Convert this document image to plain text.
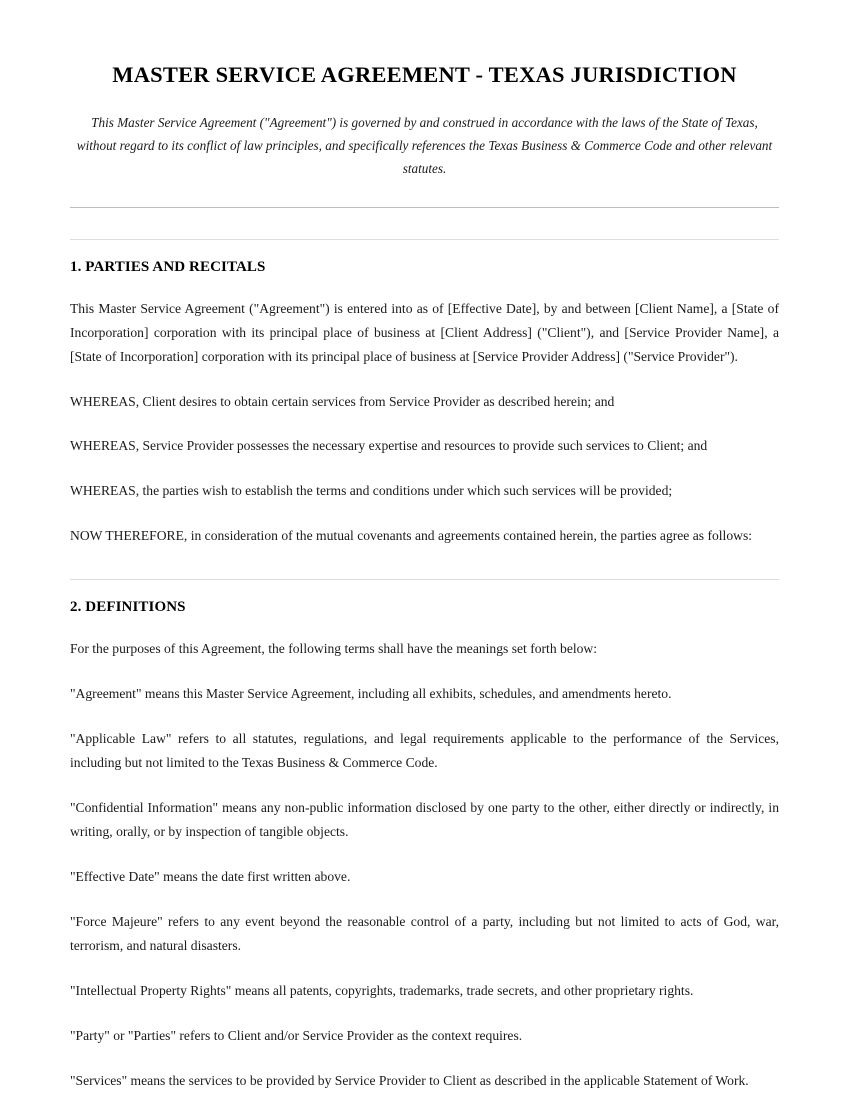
MASTER SERVICE AGREEMENT - TEXAS JURISDICTION

This Master Service Agreement ("Agreement") is governed by and construed in accordance with the laws of the State of Texas, without regard to its conflict of law principles, and specifically references the Texas Business & Commerce Code and other relevant statutes.

1. PARTIES AND RECITALS

This Master Service Agreement ("Agreement") is entered into as of [Effective Date], by and between [Client Name], a [State of Incorporation] corporation with its principal place of business at [Client Address] ("Client"), and [Service Provider Name], a [State of Incorporation] corporation with its principal place of business at [Service Provider Address] ("Service Provider").

WHEREAS, Client desires to obtain certain services from Service Provider as described herein; and

WHEREAS, Service Provider possesses the necessary expertise and resources to provide such services to Client; and

WHEREAS, the parties wish to establish the terms and conditions under which such services will be provided;

NOW THEREFORE, in consideration of the mutual covenants and agreements contained herein, the parties agree as follows:

2. DEFINITIONS

For the purposes of this Agreement, the following terms shall have the meanings set forth below:

"Agreement" means this Master Service Agreement, including all exhibits, schedules, and amendments hereto.

"Applicable Law" refers to all statutes, regulations, and legal requirements applicable to the performance of the Services, including but not limited to the Texas Business & Commerce Code.

"Confidential Information" means any non-public information disclosed by one party to the other, either directly or indirectly, in writing, orally, or by inspection of tangible objects.

"Effective Date" means the date first written above.

"Force Majeure" refers to any event beyond the reasonable control of a party, including but not limited to acts of God, war, terrorism, and natural disasters.

"Intellectual Property Rights" means all patents, copyrights, trademarks, trade secrets, and other proprietary rights.

"Party" or "Parties" refers to Client and/or Service Provider as the context requires.

"Services" means the services to be provided by Service Provider to Client as described in the applicable Statement of Work.
